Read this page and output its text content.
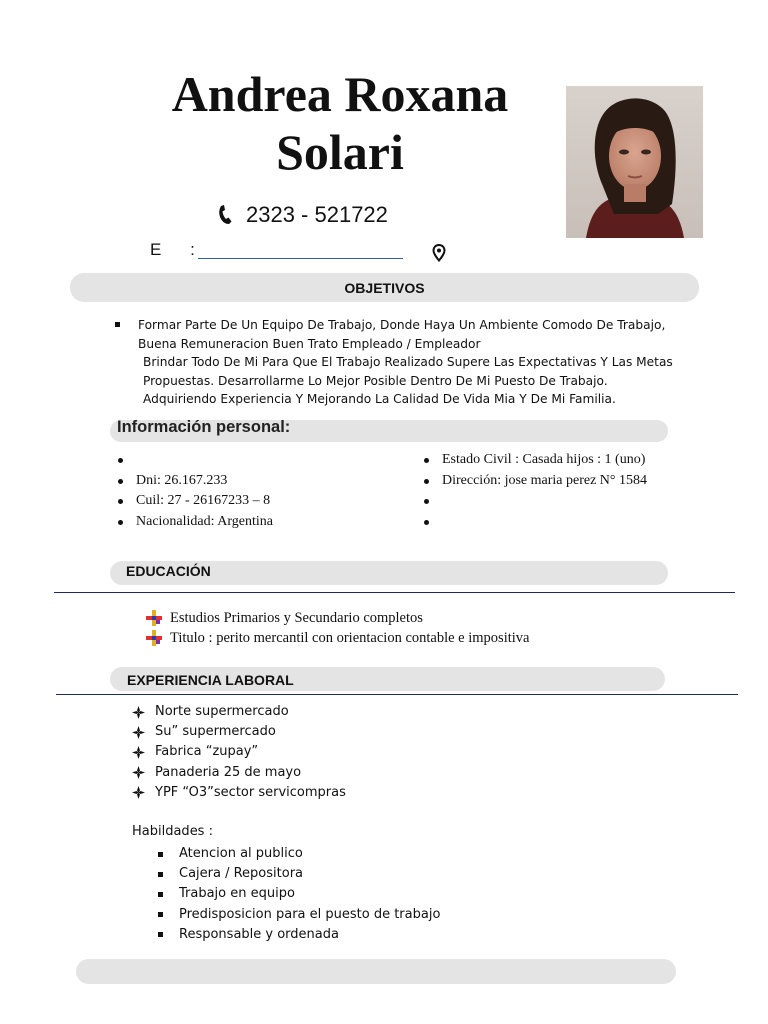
Andrea Roxana
Solari
2323 - 521722
E :
OBJETIVOS
Formar Parte De Un Equipo De Trabajo, Donde Haya Un Ambiente Comodo De Trabajo,
Buena Remuneracion Buen Trato Empleado / Empleador
Brindar Todo De Mi Para Que El Trabajo Realizado Supere Las Expectativas Y Las Metas
Propuestas. Desarrollarme Lo Mejor Posible Dentro De Mi Puesto De Trabajo.
Adquiriendo Experiencia Y Mejorando La Calidad De Vida Mia Y De Mi Familia.
Información personal:
Dni: 26.167.233
Cuil: 27 - 26167233 – 8
Nacionalidad: Argentina
Estado Civil : Casada hijos : 1 (uno)
Dirección: jose maria perez N° 1584
EDUCACIÓN
Estudios Primarios y Secundario completos
Titulo : perito mercantil con orientacion contable e impositiva
EXPERIENCIA LABORAL
Norte supermercado
Su” supermercado
Fabrica “zupay”
Panaderia 25 de mayo
YPF “O3”sector servicompras
Habildades :
Atencion al publico
Cajera / Repositora
Trabajo en equipo
Predisposicion para el puesto de trabajo
Responsable y ordenada
